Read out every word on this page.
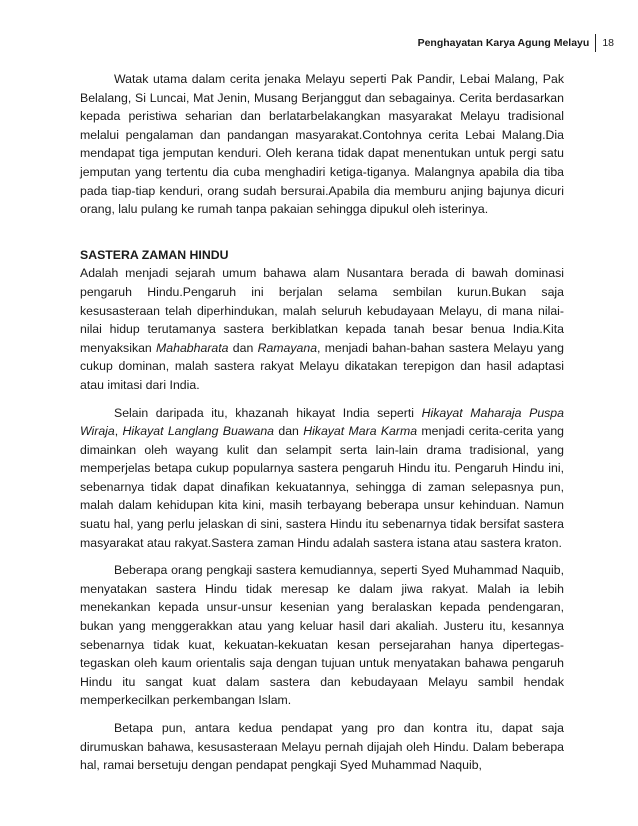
Penghayatan Karya Agung Melayu	18

Watak utama dalam cerita jenaka Melayu seperti Pak Pandir, Lebai Malang, Pak Belalang, Si Luncai, Mat Jenin, Musang Berjanggut dan sebagainya. Cerita berdasarkan kepada peristiwa seharian dan berlatarbelakangkan masyarakat Melayu tradisional melalui pengalaman dan pandangan masyarakat.Contohnya cerita Lebai Malang.Dia mendapat tiga jemputan kenduri. Oleh kerana tidak dapat menentukan untuk pergi satu jemputan yang tertentu dia cuba menghadiri ketiga-tiganya. Malangnya apabila dia tiba pada tiap-tiap kenduri, orang sudah bersurai.Apabila dia memburu anjing bajunya dicuri orang, lalu pulang ke rumah tanpa pakaian sehingga dipukul oleh isterinya.

SASTERA ZAMAN HINDU

Adalah menjadi sejarah umum bahawa alam Nusantara berada di bawah dominasi pengaruh Hindu.Pengaruh ini berjalan selama sembilan kurun.Bukan saja kesusasteraan telah diperhindukan, malah seluruh kebudayaan Melayu, di mana nilai-nilai hidup terutamanya sastera berkiblatkan kepada tanah besar benua India.Kita menyaksikan Mahabharata dan Ramayana, menjadi bahan-bahan sastera Melayu yang cukup dominan, malah sastera rakyat Melayu dikatakan terepigon dan hasil adaptasi atau imitasi dari India.

Selain daripada itu, khazanah hikayat India seperti Hikayat Maharaja Puspa Wiraja, Hikayat Langlang Buawana dan Hikayat Mara Karma menjadi cerita-cerita yang dimainkan oleh wayang kulit dan selampit serta lain-lain drama tradisional, yang memperjelas betapa cukup popularnya sastera pengaruh Hindu itu. Pengaruh Hindu ini, sebenarnya tidak dapat dinafikan kekuatannya, sehingga di zaman selepasnya pun, malah dalam kehidupan kita kini, masih terbayang beberapa unsur kehinduan. Namun suatu hal, yang perlu jelaskan di sini, sastera Hindu itu sebenarnya tidak bersifat sastera masyarakat atau rakyat.Sastera zaman Hindu adalah sastera istana atau sastera kraton.

Beberapa orang pengkaji sastera kemudiannya, seperti Syed Muhammad Naquib, menyatakan sastera Hindu tidak meresap ke dalam jiwa rakyat. Malah ia lebih menekankan kepada unsur-unsur kesenian yang beralaskan kepada pendengaran, bukan yang menggerakkan atau yang keluar hasil dari akaliah. Justeru itu, kesannya sebenarnya tidak kuat, kekuatan-kekuatan kesan persejarahan hanya dipertegas-tegaskan oleh kaum orientalis saja dengan tujuan untuk menyatakan bahawa pengaruh Hindu itu sangat kuat dalam sastera dan kebudayaan Melayu sambil hendak memperkecilkan perkembangan Islam.

Betapa pun, antara kedua pendapat yang pro dan kontra itu, dapat saja dirumuskan bahawa, kesusasteraan Melayu pernah dijajah oleh Hindu. Dalam beberapa hal, ramai bersetuju dengan pendapat pengkaji Syed Muhammad Naquib,
